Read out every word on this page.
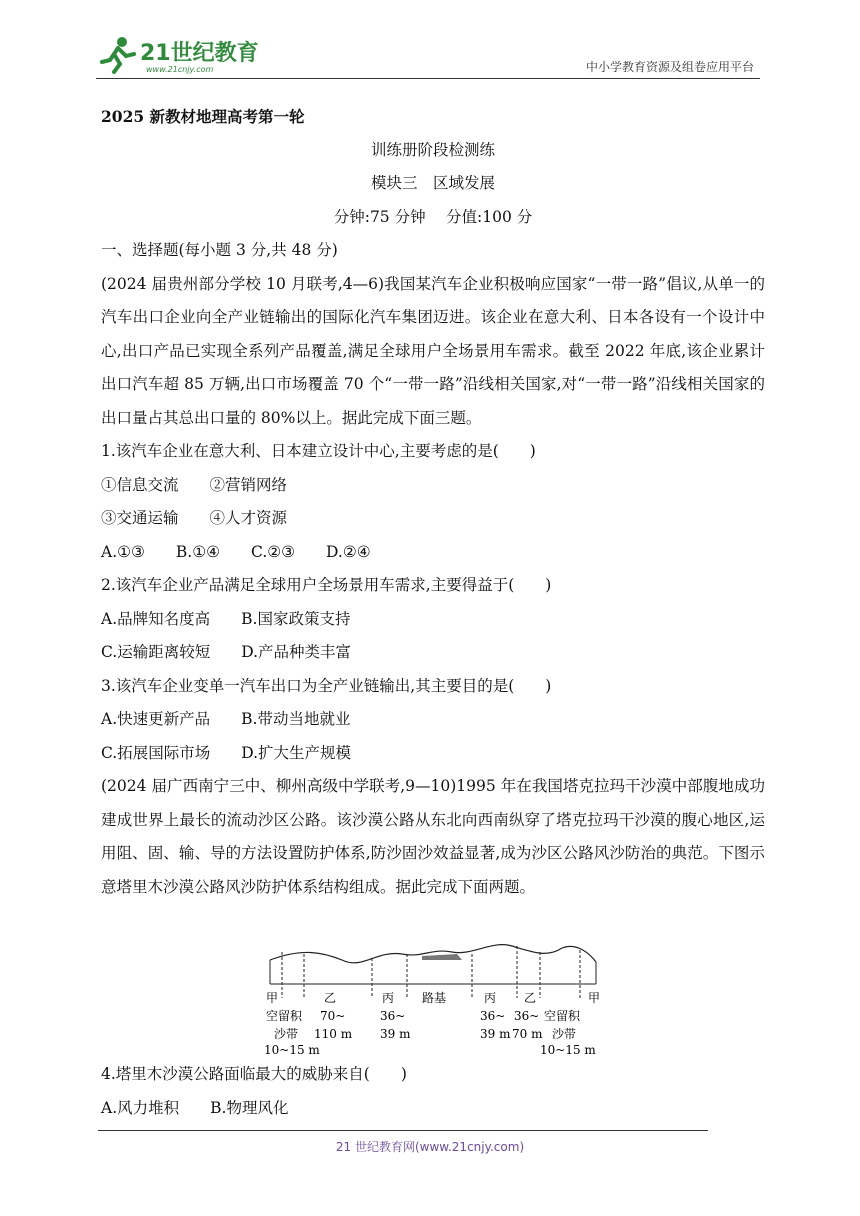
21世纪教育
www.21cnjy.com	中小学教育资源及组卷应用平台
2025 新教材地理高考第一轮
训练册阶段检测练
模块三　区域发展
分钟:75 分钟　 分值:100 分
一、选择题(每小题 3 分,共 48 分)
(2024 届贵州部分学校 10 月联考,4—6)我国某汽车企业积极响应国家“一带一路”倡议,从单一的汽车出口企业向全产业链输出的国际化汽车集团迈进。该企业在意大利、日本各设有一个设计中心,出口产品已实现全系列产品覆盖,满足全球用户全场景用车需求。截至 2022 年底,该企业累计出口汽车超 85 万辆,出口市场覆盖 70 个“一带一路”沿线相关国家,对“一带一路”沿线相关国家的出口量占其总出口量的 80%以上。据此完成下面三题。
1.该汽车企业在意大利、日本建立设计中心,主要考虑的是(　　)
①信息交流　　②营销网络
③交通运输　　④人才资源
A.①③　　B.①④　　C.②③　　D.②④
2.该汽车企业产品满足全球用户全场景用车需求,主要得益于(　　)
A.品牌知名度高　　B.国家政策支持
C.运输距离较短　　D.产品种类丰富
3.该汽车企业变单一汽车出口为全产业链输出,其主要目的是(　　)
A.快速更新产品　　B.带动当地就业
C.拓展国际市场　　D.扩大生产规模
(2024 届广西南宁三中、柳州高级中学联考,9—10)1995 年在我国塔克拉玛干沙漠中部腹地成功建成世界上最长的流动沙区公路。该沙漠公路从东北向西南纵穿了塔克拉玛干沙漠的腹心地区,运用阻、固、输、导的方法设置防护体系,防沙固沙效益显著,成为沙区公路风沙防治的典范。下图示意塔里木沙漠公路风沙防护体系结构组成。据此完成下面两题。
甲	乙	丙 路基	丙 乙	甲
空留积
沙带
10~15 m
70~
110 m
36~
39 m
36~
39 m
36~
70 m
空留积
沙带
10~15 m
4.塔里木沙漠公路面临最大的威胁来自(　　)
A.风力堆积　　B.物理风化
21 世纪教育网(www.21cnjy.com)
